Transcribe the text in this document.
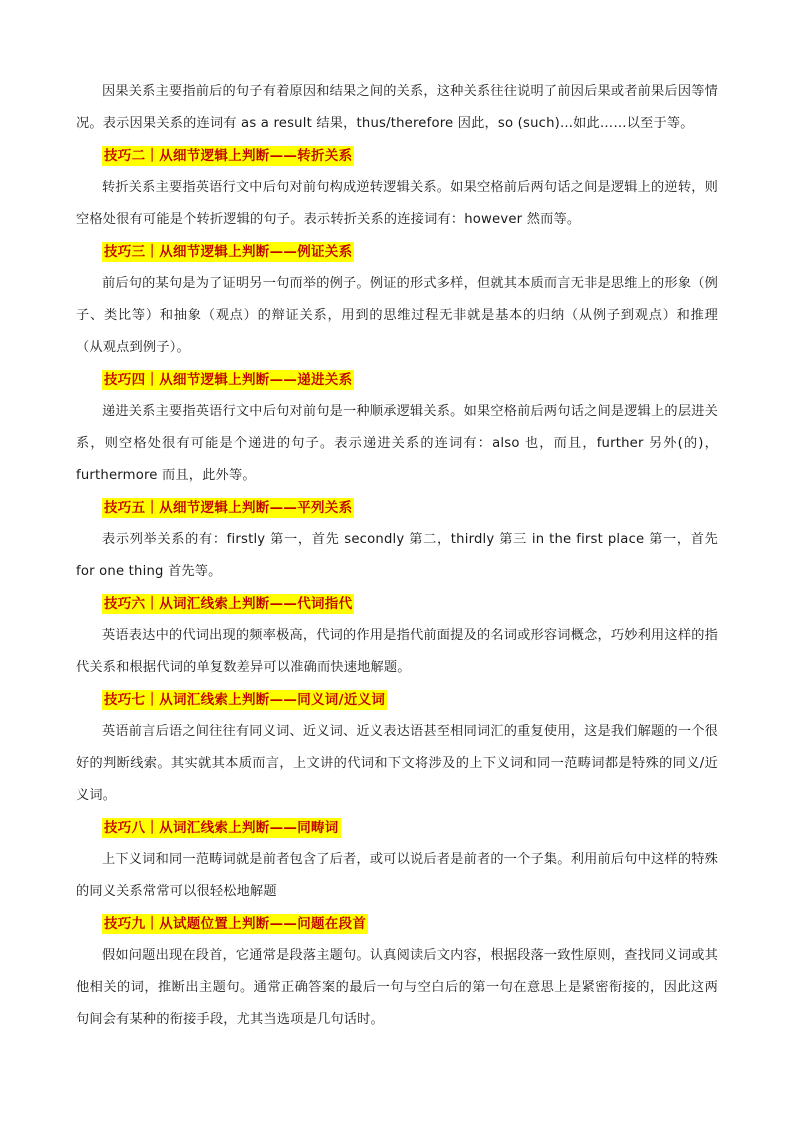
因果关系主要指前后的句子有着原因和结果之间的关系，这种关系往往说明了前因后果或者前果后因等情况。表示因果关系的连词有 as a result 结果，thus/therefore 因此，so (such)...如此……以至于等。

技巧二｜从细节逻辑上判断——转折关系

转折关系主要指英语行文中后句对前句构成逆转逻辑关系。如果空格前后两句话之间是逻辑上的逆转，则空格处很有可能是个转折逻辑的句子。表示转折关系的连接词有：however 然而等。

技巧三｜从细节逻辑上判断——例证关系

前后句的某句是为了证明另一句而举的例子。例证的形式多样，但就其本质而言无非是思维上的形象（例子、类比等）和抽象（观点）的辩证关系，用到的思维过程无非就是基本的归纳（从例子到观点）和推理（从观点到例子）。

技巧四｜从细节逻辑上判断——递进关系

递进关系主要指英语行文中后句对前句是一种顺承逻辑关系。如果空格前后两句话之间是逻辑上的层进关系，则空格处很有可能是个递进的句子。表示递进关系的连词有：also 也，而且，further 另外(的)，furthermore 而且，此外等。

技巧五｜从细节逻辑上判断——平列关系

表示列举关系的有：firstly 第一，首先 secondly 第二，thirdly 第三 in the first place 第一，首先 for one thing 首先等。

技巧六｜从词汇线索上判断——代词指代

英语表达中的代词出现的频率极高，代词的作用是指代前面提及的名词或形容词概念，巧妙利用这样的指代关系和根据代词的单复数差异可以准确而快速地解题。

技巧七｜从词汇线索上判断——同义词/近义词

英语前言后语之间往往有同义词、近义词、近义表达语甚至相同词汇的重复使用，这是我们解题的一个很好的判断线索。其实就其本质而言，上文讲的代词和下文将涉及的上下义词和同一范畴词都是特殊的同义/近义词。

技巧八｜从词汇线索上判断——同畴词

上下义词和同一范畴词就是前者包含了后者，或可以说后者是前者的一个子集。利用前后句中这样的特殊的同义关系常常可以很轻松地解题

技巧九｜从试题位置上判断——问题在段首

假如问题出现在段首，它通常是段落主题句。认真阅读后文内容，根据段落一致性原则，查找同义词或其他相关的词，推断出主题句。通常正确答案的最后一句与空白后的第一句在意思上是紧密衔接的，因此这两句间会有某种的衔接手段，尤其当选项是几句话时。
